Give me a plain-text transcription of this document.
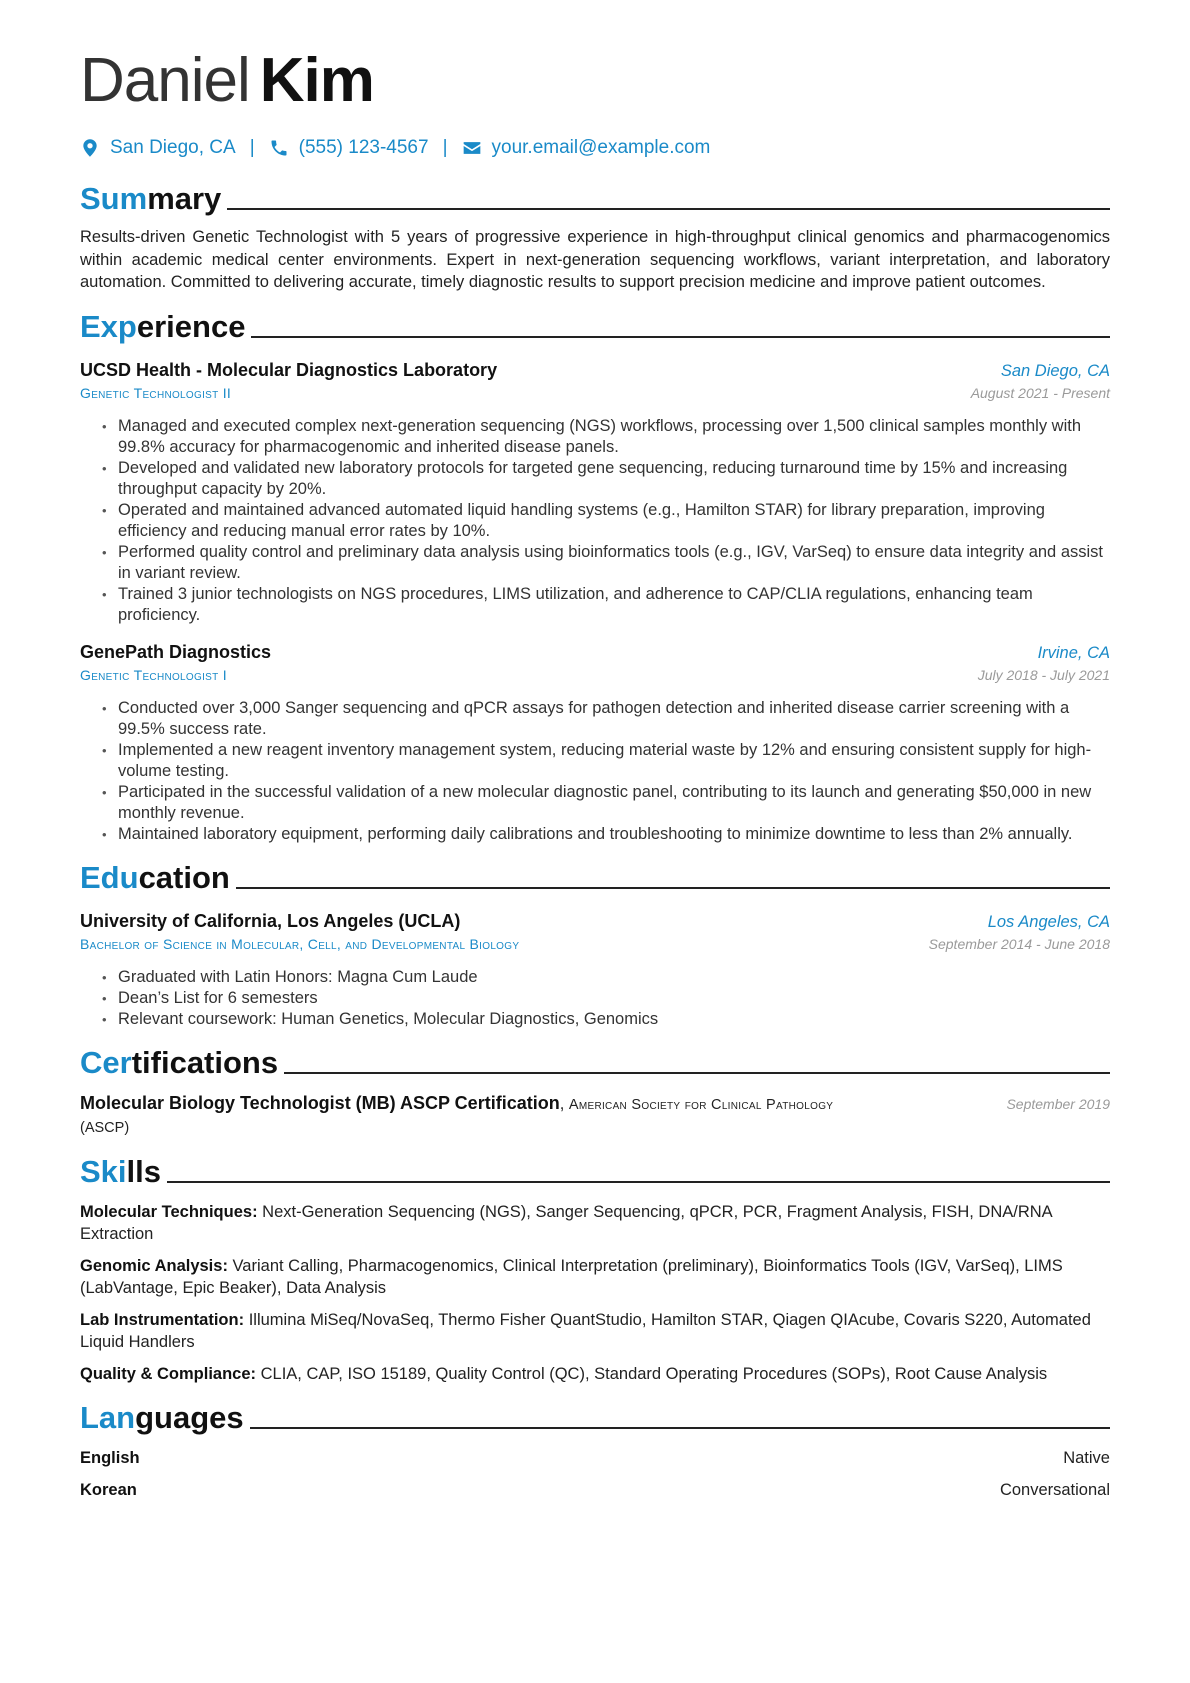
Daniel Kim
San Diego, CA | (555) 123-4567 | your.email@example.com
Summary
Results-driven Genetic Technologist with 5 years of progressive experience in high-throughput clinical genomics and pharmacogenomics within academic medical center environments. Expert in next-generation sequencing workflows, variant interpretation, and laboratory automation. Committed to delivering accurate, timely diagnostic results to support precision medicine and improve patient outcomes.
Experience
UCSD Health - Molecular Diagnostics Laboratory	San Diego, CA
Genetic Technologist II	August 2021 - Present
• Managed and executed complex next-generation sequencing (NGS) workflows, processing over 1,500 clinical samples monthly with 99.8% accuracy for pharmacogenomic and inherited disease panels.
• Developed and validated new laboratory protocols for targeted gene sequencing, reducing turnaround time by 15% and increasing throughput capacity by 20%.
• Operated and maintained advanced automated liquid handling systems (e.g., Hamilton STAR) for library preparation, improving efficiency and reducing manual error rates by 10%.
• Performed quality control and preliminary data analysis using bioinformatics tools (e.g., IGV, VarSeq) to ensure data integrity and assist in variant review.
• Trained 3 junior technologists on NGS procedures, LIMS utilization, and adherence to CAP/CLIA regulations, enhancing team proficiency.
GenePath Diagnostics	Irvine, CA
Genetic Technologist I	July 2018 - July 2021
• Conducted over 3,000 Sanger sequencing and qPCR assays for pathogen detection and inherited disease carrier screening with a 99.5% success rate.
• Implemented a new reagent inventory management system, reducing material waste by 12% and ensuring consistent supply for high-volume testing.
• Participated in the successful validation of a new molecular diagnostic panel, contributing to its launch and generating $50,000 in new monthly revenue.
• Maintained laboratory equipment, performing daily calibrations and troubleshooting to minimize downtime to less than 2% annually.
Education
University of California, Los Angeles (UCLA)	Los Angeles, CA
Bachelor of Science in Molecular, Cell, and Developmental Biology	September 2014 - June 2018
• Graduated with Latin Honors: Magna Cum Laude
• Dean’s List for 6 semesters
• Relevant coursework: Human Genetics, Molecular Diagnostics, Genomics
Certifications
Molecular Biology Technologist (MB) ASCP Certification, American Society for Clinical Pathology
(ASCP)
September 2019
Skills
Molecular Techniques: Next-Generation Sequencing (NGS), Sanger Sequencing, qPCR, PCR, Fragment Analysis, FISH, DNA/RNA Extraction
Genomic Analysis: Variant Calling, Pharmacogenomics, Clinical Interpretation (preliminary), Bioinformatics Tools (IGV, VarSeq), LIMS (LabVantage, Epic Beaker), Data Analysis
Lab Instrumentation: Illumina MiSeq/NovaSeq, Thermo Fisher QuantStudio, Hamilton STAR, Qiagen QIAcube, Covaris S220, Automated Liquid Handlers
Quality & Compliance: CLIA, CAP, ISO 15189, Quality Control (QC), Standard Operating Procedures (SOPs), Root Cause Analysis
Languages
English	Native
Korean	Conversational
